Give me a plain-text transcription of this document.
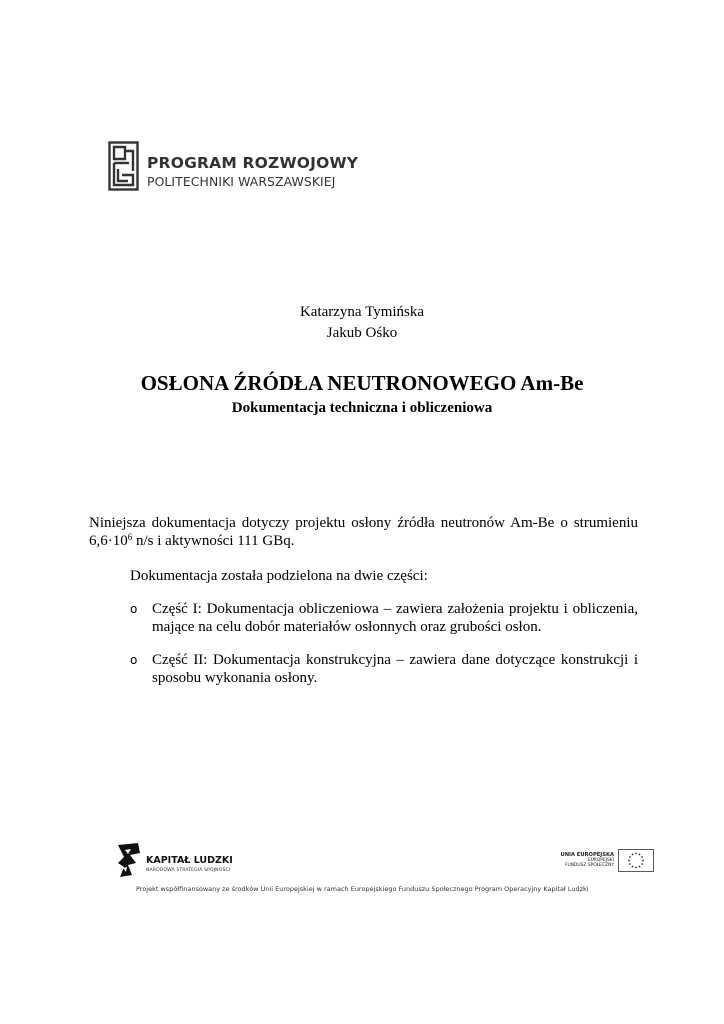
PROGRAM ROZWOJOWY
POLITECHNIKI WARSZAWSKIEJ
Katarzyna Tymińska
Jakub Ośko
OSŁONA ŹRÓDŁA NEUTRONOWEGO Am-Be
Dokumentacja techniczna i obliczeniowa
Niniejsza dokumentacja dotyczy projektu osłony źródła neutronów Am-Be o strumieniu $6,6\cdot 10^6$ n/s i aktywności 111 GBq.
Dokumentacja została podzielona na dwie części:
o Część I: Dokumentacja obliczeniowa – zawiera założenia projektu i obliczenia, mające na celu dobór materiałów osłonnych oraz grubości osłon.
o Część II: Dokumentacja konstrukcyjna – zawiera dane dotyczące konstrukcji i sposobu wykonania osłony.
KAPITAŁ LUDZKI
NARODOWA STRATEGIA SPÓJNOŚCI
UNIA EUROPEJSKA
EUROPEJSKI
FUNDUSZ SPOŁECZNY
Projekt współfinansowany ze środków Unii Europejskiej w ramach Europejskiego Funduszu Społecznego Program Operacyjny Kapitał Ludzki
